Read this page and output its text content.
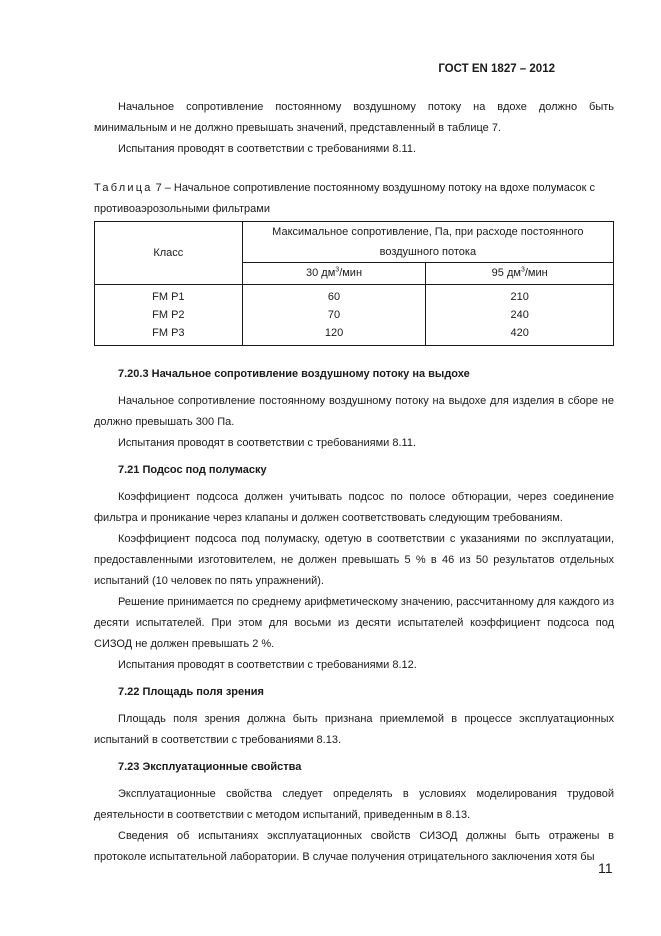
ГОСТ EN 1827 – 2012

Начальное сопротивление постоянному воздушному потоку на вдохе должно быть минимальным и не должно превышать значений, представленный в таблице 7.

Испытания проводят в соответствии с требованиями 8.11.

Таблица 7 – Начальное сопротивление постоянному воздушному потоку на вдохе полумасок с противоаэрозольными фильтрами

Класс	Максимальное сопротивление, Па, при расходе постоянного воздушного потока	
	30 $дм^3$/мин	95 $дм^3$/мин
FM P1	60	210
FM P2	70	240
FM P3	120	420

7.20.3 Начальное сопротивление воздушному потоку на выдохе

Начальное сопротивление постоянному воздушному потоку на выдохе для изделия в сборе не должно превышать 300 Па.

Испытания проводят в соответствии с требованиями 8.11.

7.21 Подсос под полумаску

Коэффициент подсоса должен учитывать подсос по полосе обтюрации, через соединение фильтра и проникание через клапаны и должен соответствовать следующим требованиям.

Коэффициент подсоса под полумаску, одетую в соответствии с указаниями по эксплуатации, предоставленными изготовителем, не должен превышать 5 % в 46 из 50 результатов отдельных испытаний (10 человек по пять упражнений).

Решение принимается по среднему арифметическому значению, рассчитанному для каждого из десяти испытателей. При этом для восьми из десяти испытателей коэффициент подсоса под СИЗОД не должен превышать 2 %.

Испытания проводят в соответствии с требованиями 8.12.

7.22 Площадь поля зрения

Площадь поля зрения должна быть признана приемлемой в процессе эксплуатационных испытаний в соответствии с требованиями 8.13.

7.23 Эксплуатационные свойства

Эксплуатационные свойства следует определять в условиях моделирования трудовой деятельности в соответствии с методом испытаний, приведенным в 8.13.

Сведения об испытаниях эксплуатационных свойств СИЗОД должны быть отражены в протоколе испытательной лаборатории. В случае получения отрицательного заключения хотя бы

11
